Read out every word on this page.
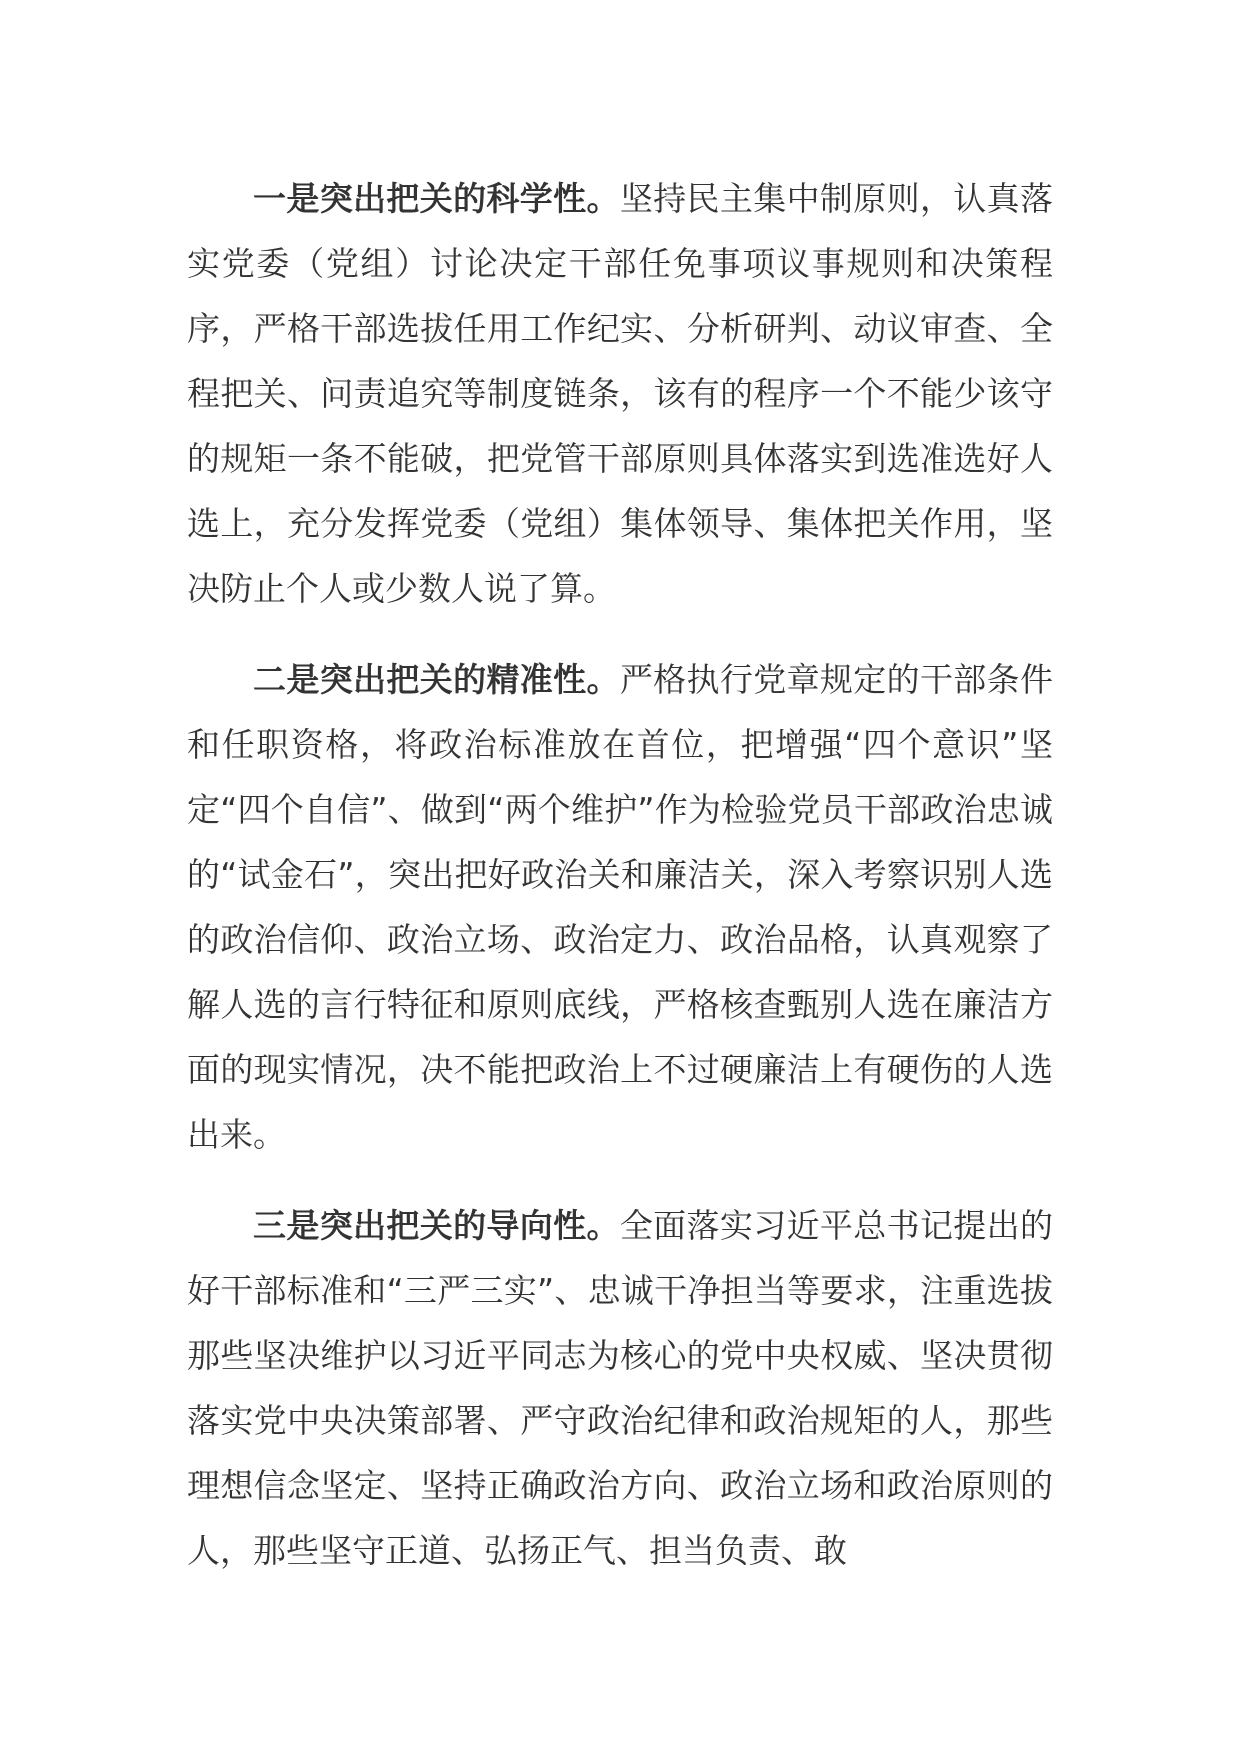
一是突出把关的科学性。坚持民主集中制原则，认真落实党委（党组）讨论决定干部任免事项议事规则和决策程序，严格干部选拔任用工作纪实、分析研判、动议审查、全程把关、问责追究等制度链条，该有的程序一个不能少该守的规矩一条不能破，把党管干部原则具体落实到选准选好人选上，充分发挥党委（党组）集体领导、集体把关作用，坚决防止个人或少数人说了算。

二是突出把关的精准性。严格执行党章规定的干部条件和任职资格，将政治标准放在首位，把增强“四个意识”坚定“四个自信”、做到“两个维护”作为检验党员干部政治忠诚的“试金石”，突出把好政治关和廉洁关，深入考察识别人选的政治信仰、政治立场、政治定力、政治品格，认真观察了解人选的言行特征和原则底线，严格核查甄别人选在廉洁方面的现实情况，决不能把政治上不过硬廉洁上有硬伤的人选出来。

三是突出把关的导向性。全面落实习近平总书记提出的好干部标准和“三严三实”、忠诚干净担当等要求，注重选拔那些坚决维护以习近平同志为核心的党中央权威、坚决贯彻落实党中央决策部署、严守政治纪律和政治规矩的人，那些理想信念坚定、坚持正确政治方向、政治立场和政治原则的人，那些坚守正道、弘扬正气、担当负责、敢
